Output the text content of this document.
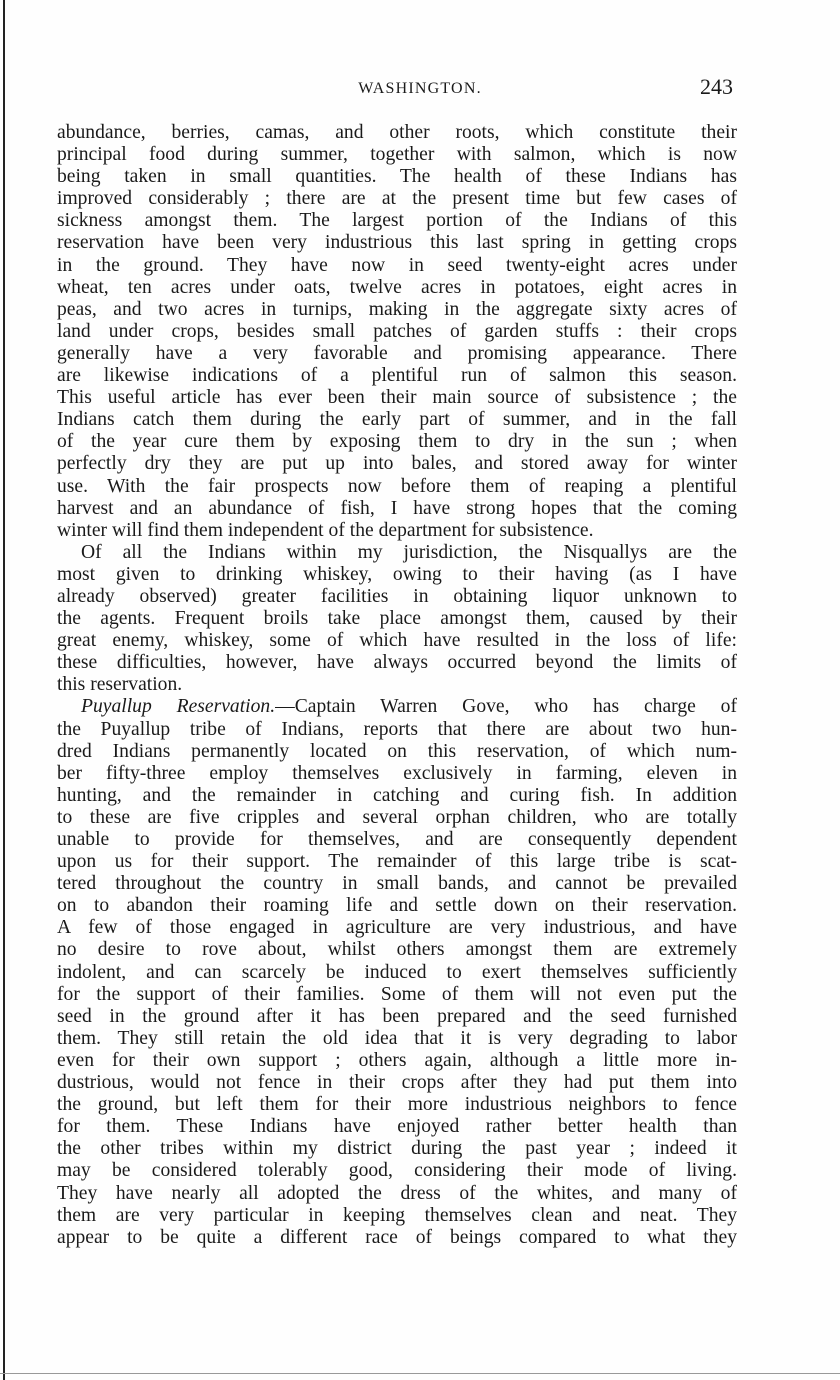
WASHINGTON.	243
abundance, berries, camas, and other roots, which constitute their
principal food during summer, together with salmon, which is now
being taken in small quantities. The health of these Indians has
improved considerably ; there are at the present time but few cases of
sickness amongst them. The largest portion of the Indians of this
reservation have been very industrious this last spring in getting crops
in the ground. They have now in seed twenty-eight acres under
wheat, ten acres under oats, twelve acres in potatoes, eight acres in
peas, and two acres in turnips, making in the aggregate sixty acres of
land under crops, besides small patches of garden stuffs : their crops
generally have a very favorable and promising appearance. There
are likewise indications of a plentiful run of salmon this season.
This useful article has ever been their main source of subsistence ; the
Indians catch them during the early part of summer, and in the fall
of the year cure them by exposing them to dry in the sun ; when
perfectly dry they are put up into bales, and stored away for winter
use. With the fair prospects now before them of reaping a plentiful
harvest and an abundance of fish, I have strong hopes that the coming
winter will find them independent of the department for subsistence.
Of all the Indians within my jurisdiction, the Nisquallys are the
most given to drinking whiskey, owing to their having (as I have
already observed) greater facilities in obtaining liquor unknown to
the agents. Frequent broils take place amongst them, caused by their
great enemy, whiskey, some of which have resulted in the loss of life:
these difficulties, however, have always occurred beyond the limits of
this reservation.
Puyallup Reservation.—Captain Warren Gove, who has charge of
the Puyallup tribe of Indians, reports that there are about two hun-
dred Indians permanently located on this reservation, of which num-
ber fifty-three employ themselves exclusively in farming, eleven in
hunting, and the remainder in catching and curing fish. In addition
to these are five cripples and several orphan children, who are totally
unable to provide for themselves, and are consequently dependent
upon us for their support. The remainder of this large tribe is scat-
tered throughout the country in small bands, and cannot be prevailed
on to abandon their roaming life and settle down on their reservation.
A few of those engaged in agriculture are very industrious, and have
no desire to rove about, whilst others amongst them are extremely
indolent, and can scarcely be induced to exert themselves sufficiently
for the support of their families. Some of them will not even put the
seed in the ground after it has been prepared and the seed furnished
them. They still retain the old idea that it is very degrading to labor
even for their own support ; others again, although a little more in-
dustrious, would not fence in their crops after they had put them into
the ground, but left them for their more industrious neighbors to fence
for them. These Indians have enjoyed rather better health than
the other tribes within my district during the past year ; indeed it
may be considered tolerably good, considering their mode of living.
They have nearly all adopted the dress of the whites, and many of
them are very particular in keeping themselves clean and neat. They
appear to be quite a different race of beings compared to what they
